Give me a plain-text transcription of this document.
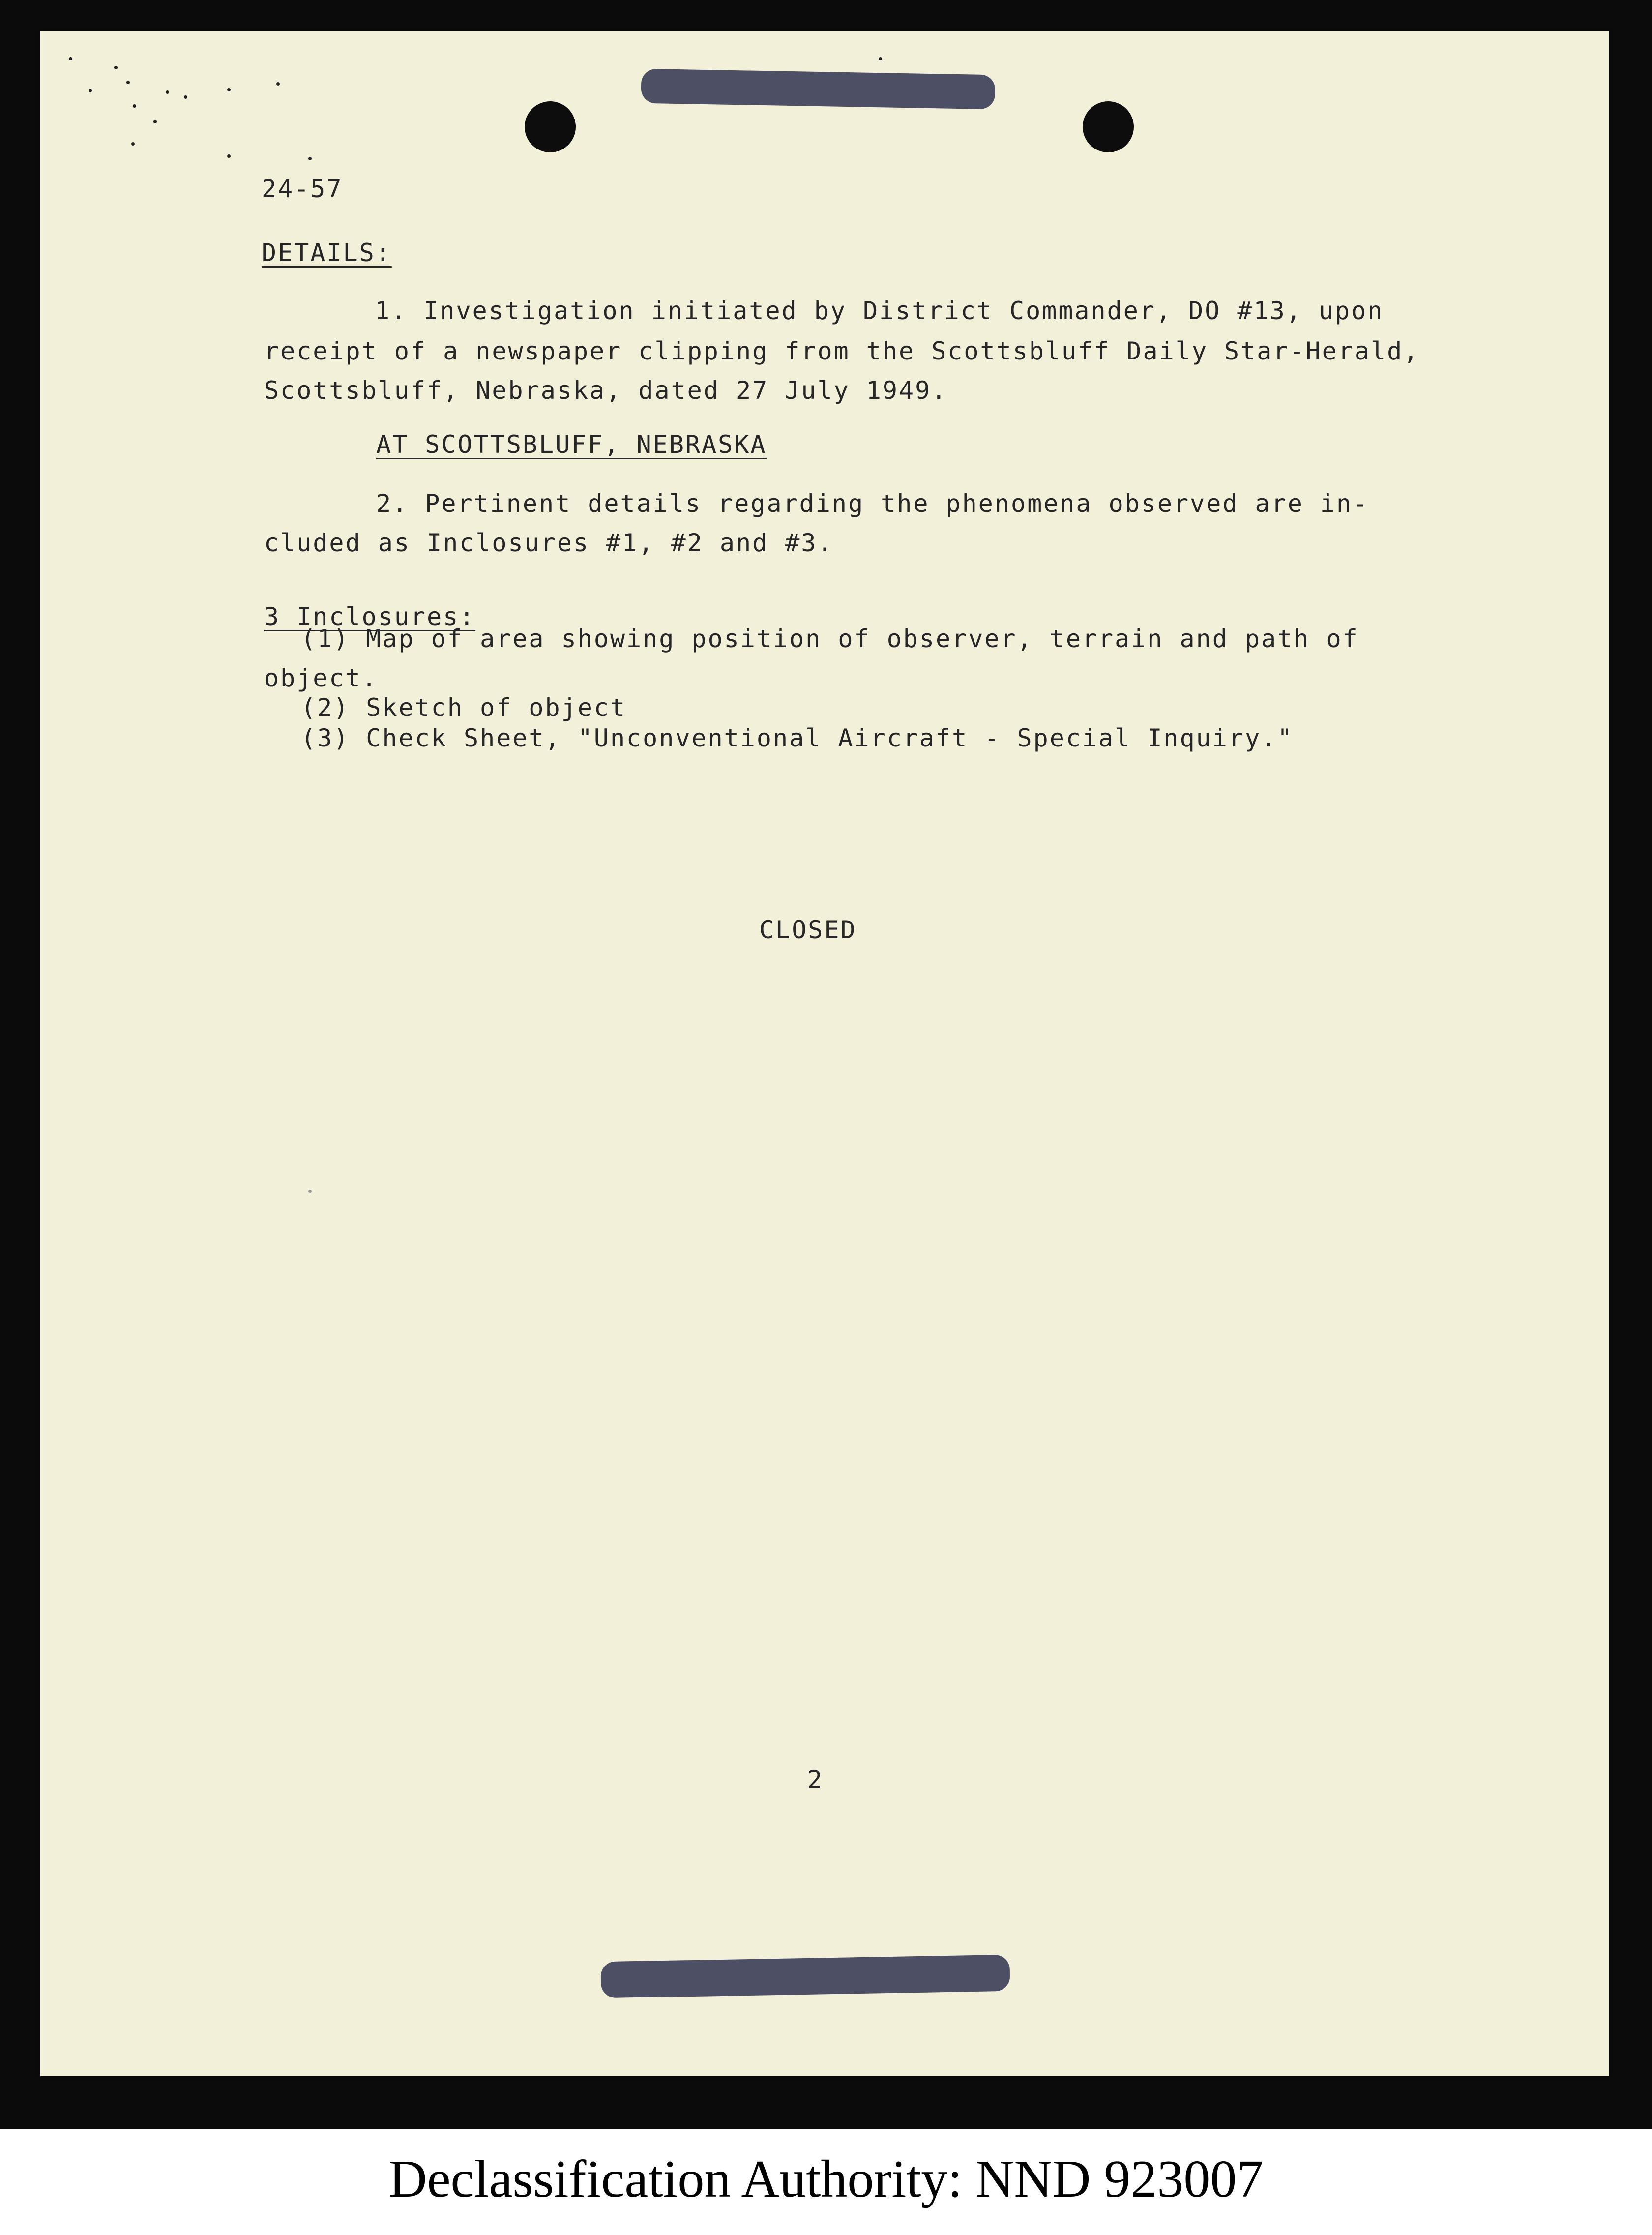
24-57
DETAILS:
1. Investigation initiated by District Commander, DO #13, upon
receipt of a newspaper clipping from the Scottsbluff Daily Star-Herald,
Scottsbluff, Nebraska, dated 27 July 1949.
AT SCOTTSBLUFF, NEBRASKA
2. Pertinent details regarding the phenomena observed are in-
cluded as Inclosures #1, #2 and #3.
3 Inclosures:
(1) Map of area showing position of observer, terrain and path of
object.
(2) Sketch of object
(3) Check Sheet, "Unconventional Aircraft - Special Inquiry."
CLOSED
2
Declassification Authority: NND 923007
